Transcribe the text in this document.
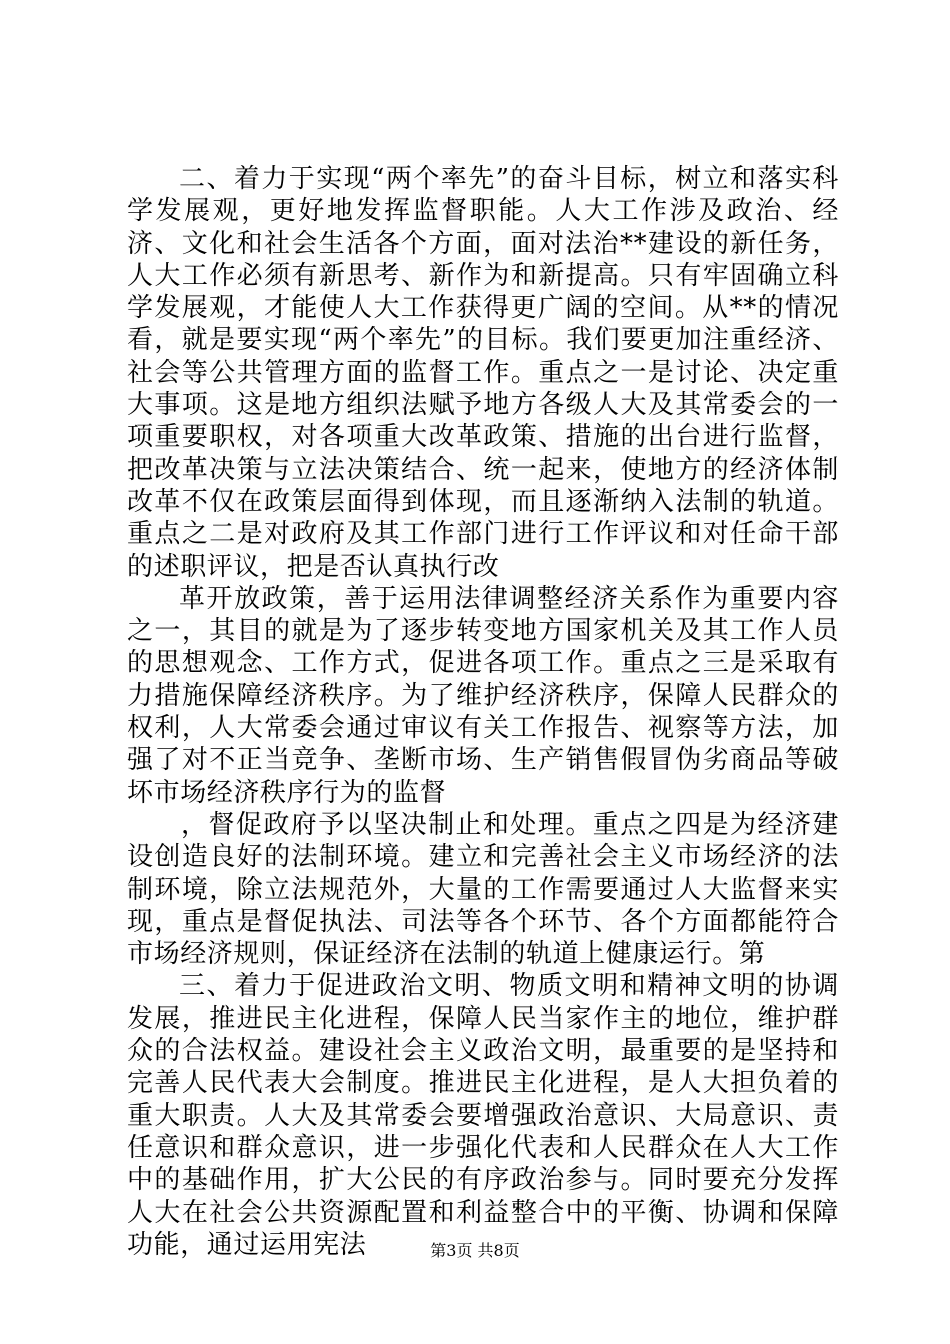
二、着力于实现“两个率先”的奋斗目标，树立和落实科学发展观，更好地发挥监督职能。人大工作涉及政治、经济、文化和社会生活各个方面，面对法治**建设的新任务，人大工作必须有新思考、新作为和新提高。只有牢固确立科学发展观，才能使人大工作获得更广阔的空间。从**的情况看，就是要实现“两个率先”的目标。我们要更加注重经济、社会等公共管理方面的监督工作。重点之一是讨论、决定重大事项。这是地方组织法赋予地方各级人大及其常委会的一项重要职权，对各项重大改革政策、措施的出台进行监督，把改革决策与立法决策结合、统一起来，使地方的经济体制改革不仅在政策层面得到体现，而且逐渐纳入法制的轨道。重点之二是对政府及其工作部门进行工作评议和对任命干部的述职评议，把是否认真执行改

革开放政策，善于运用法律调整经济关系作为重要内容之一，其目的就是为了逐步转变地方国家机关及其工作人员的思想观念、工作方式，促进各项工作。重点之三是采取有力措施保障经济秩序。为了维护经济秩序，保障人民群众的权利，人大常委会通过审议有关工作报告、视察等方法，加强了对不正当竞争、垄断市场、生产销售假冒伪劣商品等破坏市场经济秩序行为的监督

，督促政府予以坚决制止和处理。重点之四是为经济建设创造良好的法制环境。建立和完善社会主义市场经济的法制环境，除立法规范外，大量的工作需要通过人大监督来实现，重点是督促执法、司法等各个环节、各个方面都能符合市场经济规则，保证经济在法制的轨道上健康运行。第

三、着力于促进政治文明、物质文明和精神文明的协调发展，推进民主化进程，保障人民当家作主的地位，维护群众的合法权益。建设社会主义政治文明，最重要的是坚持和完善人民代表大会制度。推进民主化进程，是人大担负着的重大职责。人大及其常委会要增强政治意识、大局意识、责任意识和群众意识，进一步强化代表和人民群众在人大工作中的基础作用，扩大公民的有序政治参与。同时要充分发挥人大在社会公共资源配置和利益整合中的平衡、协调和保障功能，通过运用宪法	第3页 共8页
